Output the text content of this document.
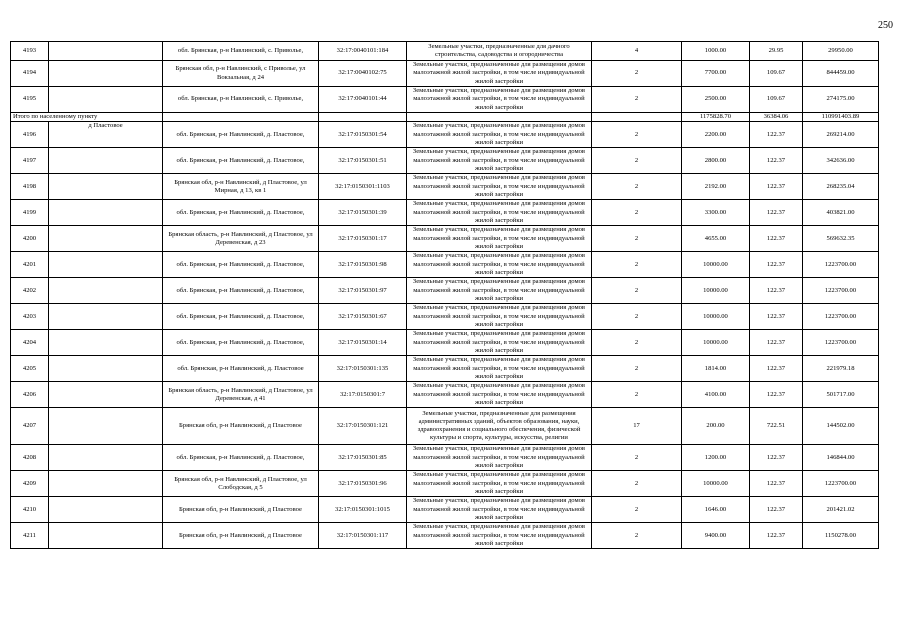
250
4193		обл. Брянская, р-н Навлинский, с. Приволье,	32:17:0040101:184	Земельные участки, предназначенные для дачного строительства, садоводства и огородничества	4	1000.00	29.95	29950.00
4194		Брянская обл, р-н Навлинский, с Приволье, ул Вокзальная, д 24	32:17:0040102:75	Земельные участки, предназначенные для размещения домов малоэтажной жилой застройки, в том числе индивидуальной жилой застройки	2	7700.00	109.67	844459.00
4195		обл. Брянская, р-н Навлинский, с. Приволье,	32:17:0040101:44	Земельные участки, предназначенные для размещения домов малоэтажной жилой застройки, в том числе индивидуальной жилой застройки	2	2500.00	109.67	274175.00
Итого по населенному пункту						1175828.70	36384.06	110991403.89
4196	д Пластовое	обл. Брянская, р-н Навлинский, д. Пластовое,	32:17:0150301:54	Земельные участки, предназначенные для размещения домов малоэтажной жилой застройки, в том числе индивидуальной жилой застройки	2	2200.00	122.37	269214.00
4197		обл. Брянская, р-н Навлинский, д. Пластовое,	32:17:0150301:51	Земельные участки, предназначенные для размещения домов малоэтажной жилой застройки, в том числе индивидуальной жилой застройки	2	2800.00	122.37	342636.00
4198		Брянская обл, р-н Навлинский, д Пластовое, ул Мирная, д 13, кв 1	32:17:0150301:1103	Земельные участки, предназначенные для размещения домов малоэтажной жилой застройки, в том числе индивидуальной жилой застройки	2	2192.00	122.37	268235.04
4199		обл. Брянская, р-н Навлинский, д. Пластовое,	32:17:0150301:39	Земельные участки, предназначенные для размещения домов малоэтажной жилой застройки, в том числе индивидуальной жилой застройки	2	3300.00	122.37	403821.00
4200		Брянская область, р-н Навлинский, д Пластовое, ул Деревенская, д 23	32:17:0150301:17	Земельные участки, предназначенные для размещения домов малоэтажной жилой застройки, в том числе индивидуальной жилой застройки	2	4655.00	122.37	569632.35
4201		обл. Брянская, р-н Навлинский, д. Пластовое,	32:17:0150301:98	Земельные участки, предназначенные для размещения домов малоэтажной жилой застройки, в том числе индивидуальной жилой застройки	2	10000.00	122.37	1223700.00
4202		обл. Брянская, р-н Навлинский, д. Пластовое,	32:17:0150301:97	Земельные участки, предназначенные для размещения домов малоэтажной жилой застройки, в том числе индивидуальной жилой застройки	2	10000.00	122.37	1223700.00
4203		обл. Брянская, р-н Навлинский, д. Пластовое,	32:17:0150301:67	Земельные участки, предназначенные для размещения домов малоэтажной жилой застройки, в том числе индивидуальной жилой застройки	2	10000.00	122.37	1223700.00
4204		обл. Брянская, р-н Навлинский, д. Пластовое,	32:17:0150301:14	Земельные участки, предназначенные для размещения домов малоэтажной жилой застройки, в том числе индивидуальной жилой застройки	2	10000.00	122.37	1223700.00
4205		обл. Брянская, р-н Навлинский, д. Пластовое	32:17:0150301:135	Земельные участки, предназначенные для размещения домов малоэтажной жилой застройки, в том числе индивидуальной жилой застройки	2	1814.00	122.37	221979.18
4206		Брянская область, р-н Навлинский, д Пластовое, ул Деревенская, д 41	32:17:0150301:7	Земельные участки, предназначенные для размещения домов малоэтажной жилой застройки, в том числе индивидуальной жилой застройки	2	4100.00	122.37	501717.00
4207		Брянская обл, р-н Навлинский, д Пластовое	32:17:0150301:121	Земельные участки, предназначенные для размещения административных зданий, объектов образования, науки, здравоохранения и социального обеспечения, физической культуры и спорта, культуры, искусства, религии	17	200.00	722.51	144502.00
4208		обл. Брянская, р-н Навлинский, д. Пластовое,	32:17:0150301:85	Земельные участки, предназначенные для размещения домов малоэтажной жилой застройки, в том числе индивидуальной жилой застройки	2	1200.00	122.37	146844.00
4209		Брянская обл, р-н Навлинский, д Пластовое, ул Слободская, д 5	32:17:0150301:96	Земельные участки, предназначенные для размещения домов малоэтажной жилой застройки, в том числе индивидуальной жилой застройки	2	10000.00	122.37	1223700.00
4210		Брянская обл, р-н Навлинский, д Пластовое	32:17:0150301:1015	Земельные участки, предназначенные для размещения домов малоэтажной жилой застройки, в том числе индивидуальной жилой застройки	2	1646.00	122.37	201421.02
4211		Брянская обл, р-н Навлинский, д Пластовое	32:17:0150301:117	Земельные участки, предназначенные для размещения домов малоэтажной жилой застройки, в том числе индивидуальной жилой застройки	2	9400.00	122.37	1150278.00
